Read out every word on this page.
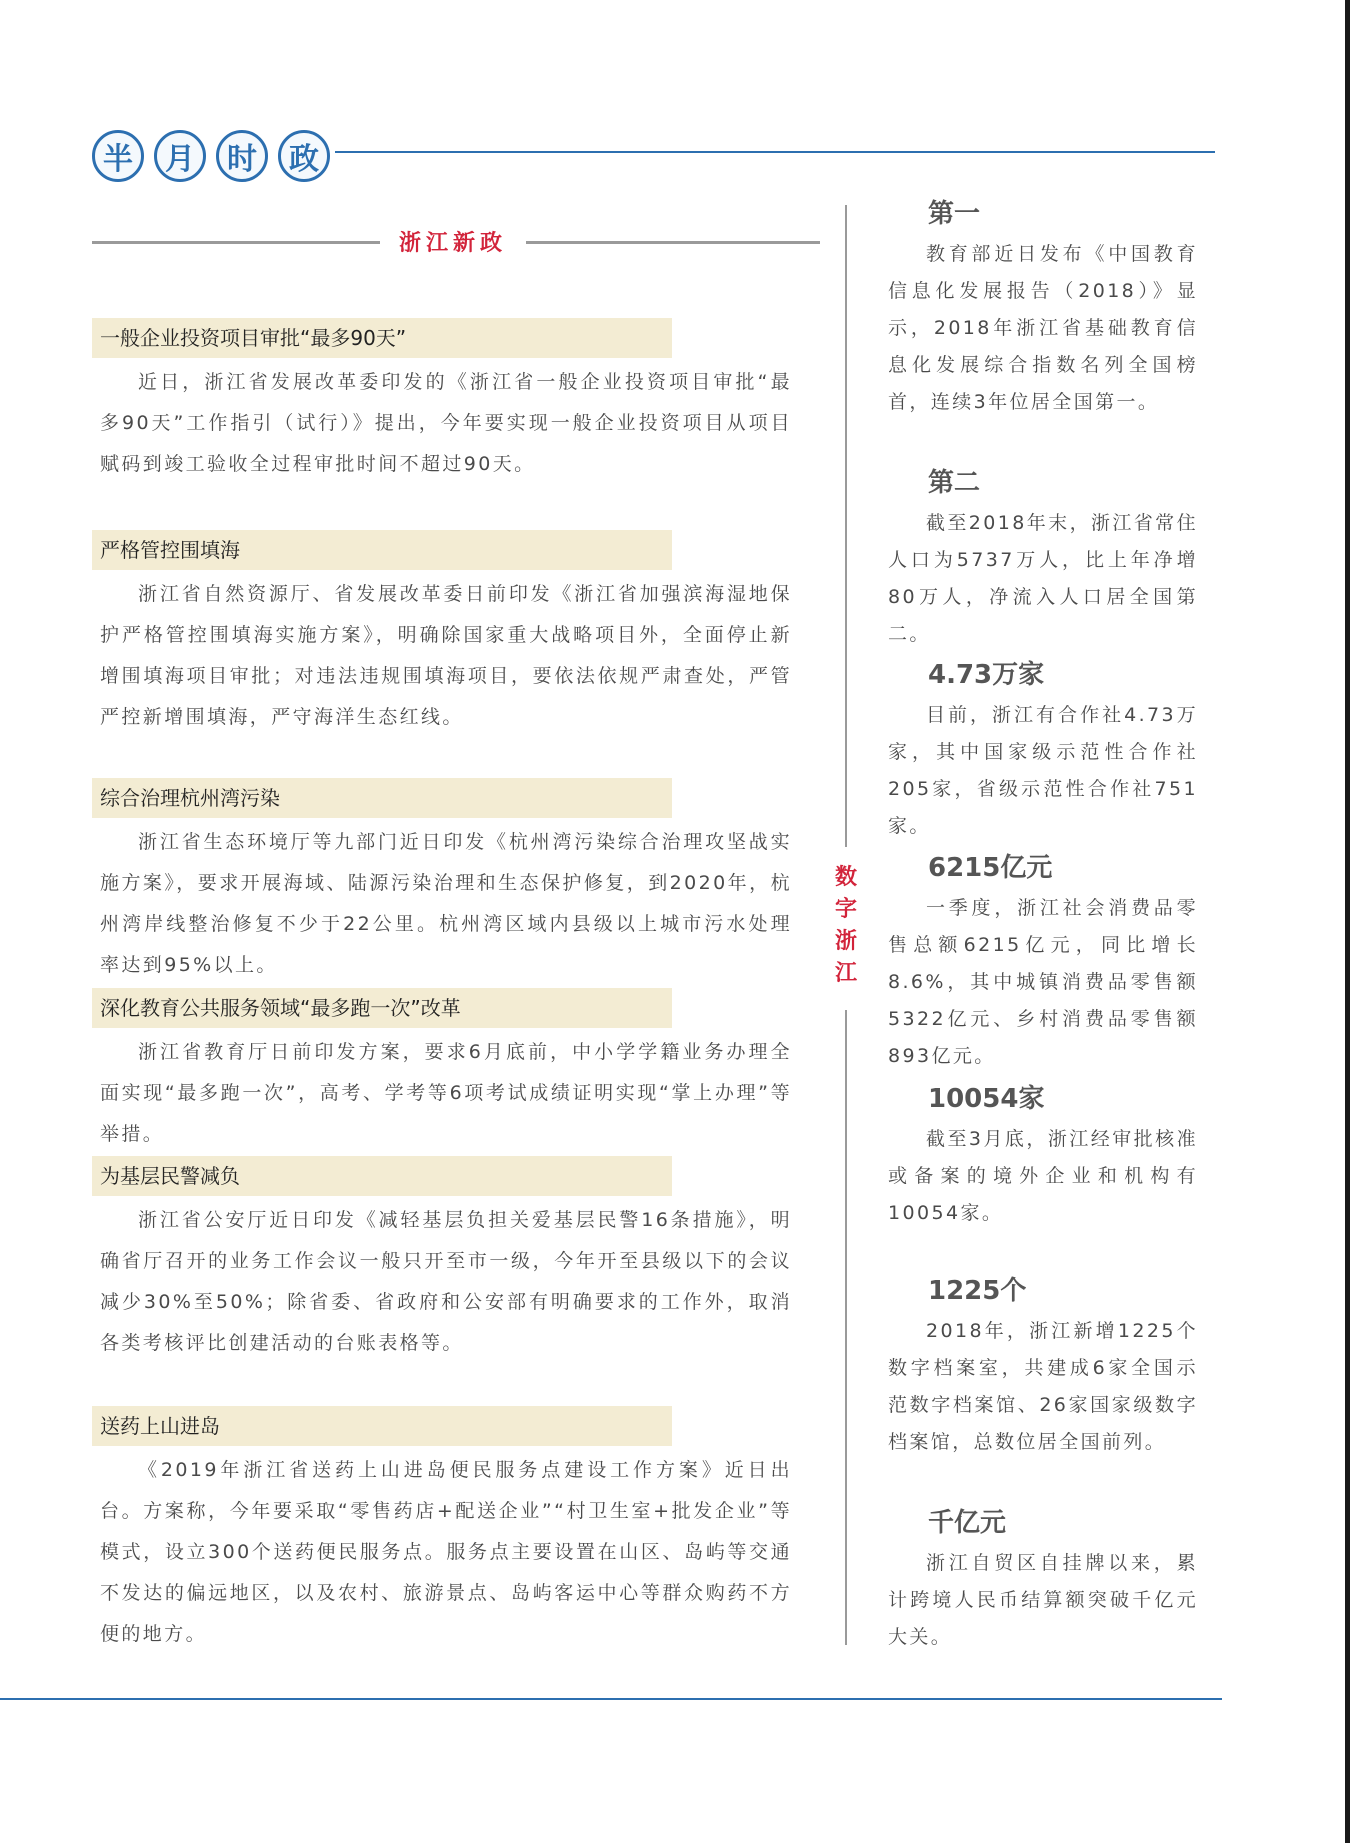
半	月	时	政
浙江新政
一般企业投资项目审批“最多90天”
近日，浙江省发展改革委印发的《浙江省一般企业投资项目审批“最多90天”工作指引（试行）》提出，今年要实现一般企业投资项目从项目赋码到竣工验收全过程审批时间不超过90天。
严格管控围填海
浙江省自然资源厅、省发展改革委日前印发《浙江省加强滨海湿地保护严格管控围填海实施方案》，明确除国家重大战略项目外，全面停止新增围填海项目审批；对违法违规围填海项目，要依法依规严肃查处，严管严控新增围填海，严守海洋生态红线。
综合治理杭州湾污染
浙江省生态环境厅等九部门近日印发《杭州湾污染综合治理攻坚战实施方案》，要求开展海域、陆源污染治理和生态保护修复，到2020年，杭州湾岸线整治修复不少于22公里。杭州湾区域内县级以上城市污水处理率达到95%以上。
深化教育公共服务领域“最多跑一次”改革
浙江省教育厅日前印发方案，要求6月底前，中小学学籍业务办理全面实现“最多跑一次”，高考、学考等6项考试成绩证明实现“掌上办理”等举措。
为基层民警减负
浙江省公安厅近日印发《减轻基层负担关爱基层民警16条措施》，明确省厅召开的业务工作会议一般只开至市一级，今年开至县级以下的会议减少30%至50%；除省委、省政府和公安部有明确要求的工作外，取消各类考核评比创建活动的台账表格等。
送药上山进岛
《2019年浙江省送药上山进岛便民服务点建设工作方案》近日出台。方案称，今年要采取“零售药店+配送企业”“村卫生室+批发企业”等模式，设立300个送药便民服务点。服务点主要设置在山区、岛屿等交通不发达的偏远地区，以及农村、旅游景点、岛屿客运中心等群众购药不方便的地方。
数
字
浙
江
第一
教育部近日发布《中国教育信息化发展报告（2018）》显示，2018年浙江省基础教育信息化发展综合指数名列全国榜首，连续3年位居全国第一。
第二
截至2018年末，浙江省常住人口为5737万人，比上年净增80万人，净流入人口居全国第二。
4.73万家
目前，浙江有合作社4.73万家，其中国家级示范性合作社205家，省级示范性合作社751家。
6215亿元
一季度，浙江社会消费品零售总额6215亿元，同比增长8.6%，其中城镇消费品零售额5322亿元、乡村消费品零售额893亿元。
10054家
截至3月底，浙江经审批核准或备案的境外企业和机构有10054家。
1225个
2018年，浙江新增1225个数字档案室，共建成6家全国示范数字档案馆、26家国家级数字档案馆，总数位居全国前列。
千亿元
浙江自贸区自挂牌以来，累计跨境人民币结算额突破千亿元大关。
